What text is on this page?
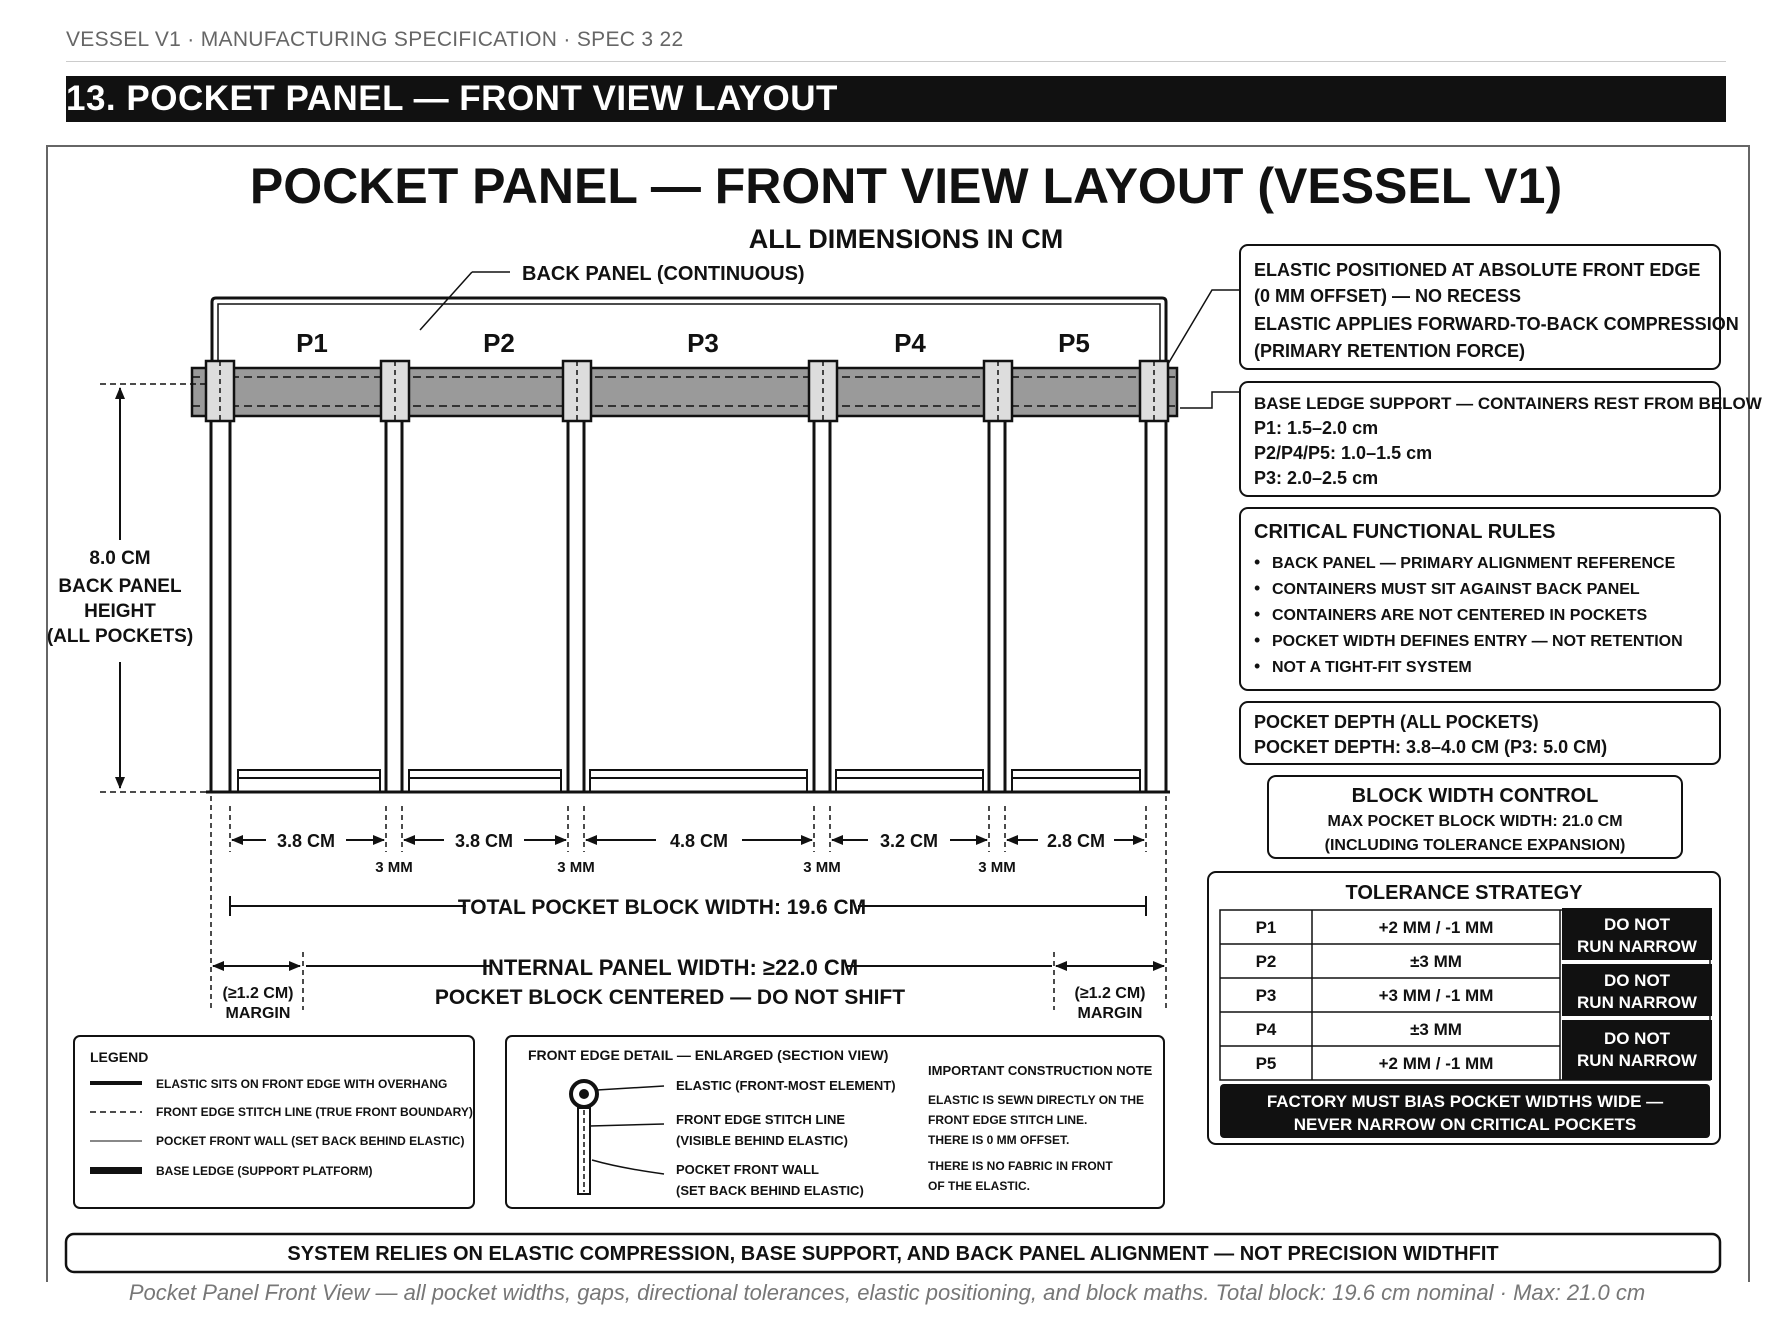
VESSEL V1 · MANUFACTURING SPECIFICATION · SPEC 3 22
13. POCKET PANEL — FRONT VIEW LAYOUT
POCKET PANEL — FRONT VIEW LAYOUT (VESSEL V1)
ALL DIMENSIONS IN CM
BACK PANEL (CONTINUOUS)
P1	P2	P3	P4	P5
8.0 CM
BACK PANEL
HEIGHT
(ALL POCKETS)
3.8 CM	3.8 CM	4.8 CM	3.2 CM	2.8 CM
3 MM	3 MM	3 MM	3 MM
TOTAL POCKET BLOCK WIDTH: 19.6 CM
INTERNAL PANEL WIDTH: ≥22.0 CM
POCKET BLOCK CENTERED — DO NOT SHIFT
(≥1.2 CM)
MARGIN
(≥1.2 CM)
MARGIN
ELASTIC POSITIONED AT ABSOLUTE FRONT EDGE
(0 MM OFFSET) — NO RECESS
ELASTIC APPLIES FORWARD-TO-BACK COMPRESSION
(PRIMARY RETENTION FORCE)
BASE LEDGE SUPPORT — CONTAINERS REST FROM BELOW
P1: 1.5–2.0 cm
P2/P4/P5: 1.0–1.5 cm
P3: 2.0–2.5 cm
CRITICAL FUNCTIONAL RULES
• BACK PANEL — PRIMARY ALIGNMENT REFERENCE
• CONTAINERS MUST SIT AGAINST BACK PANEL
• CONTAINERS ARE NOT CENTERED IN POCKETS
• POCKET WIDTH DEFINES ENTRY — NOT RETENTION
• NOT A TIGHT-FIT SYSTEM
POCKET DEPTH (ALL POCKETS)
POCKET DEPTH: 3.8–4.0 CM (P3: 5.0 CM)
BLOCK WIDTH CONTROL
MAX POCKET BLOCK WIDTH: 21.0 CM
(INCLUDING TOLERANCE EXPANSION)
TOLERANCE STRATEGY
P1	+2 MM / -1 MM
P2	±3 MM
P3	+3 MM / -1 MM
P4	±3 MM
P5	+2 MM / -1 MM
DO NOT
RUN NARROW
DO NOT
RUN NARROW
DO NOT
RUN NARROW
FACTORY MUST BIAS POCKET WIDTHS WIDE —
NEVER NARROW ON CRITICAL POCKETS
LEGEND
ELASTIC SITS ON FRONT EDGE WITH OVERHANG
FRONT EDGE STITCH LINE (TRUE FRONT BOUNDARY)
POCKET FRONT WALL (SET BACK BEHIND ELASTIC)
BASE LEDGE (SUPPORT PLATFORM)
FRONT EDGE DETAIL — ENLARGED (SECTION VIEW)
ELASTIC (FRONT-MOST ELEMENT)
FRONT EDGE STITCH LINE
(VISIBLE BEHIND ELASTIC)
POCKET FRONT WALL
(SET BACK BEHIND ELASTIC)
IMPORTANT CONSTRUCTION NOTE
ELASTIC IS SEWN DIRECTLY ON THE
FRONT EDGE STITCH LINE.
THERE IS 0 MM OFFSET.
THERE IS NO FABRIC IN FRONT
OF THE ELASTIC.
SYSTEM RELIES ON ELASTIC COMPRESSION, BASE SUPPORT, AND BACK PANEL ALIGNMENT — NOT PRECISION WIDTHFIT
Pocket Panel Front View — all pocket widths, gaps, directional tolerances, elastic positioning, and block maths. Total block: 19.6 cm nominal · Max: 21.0 cm
